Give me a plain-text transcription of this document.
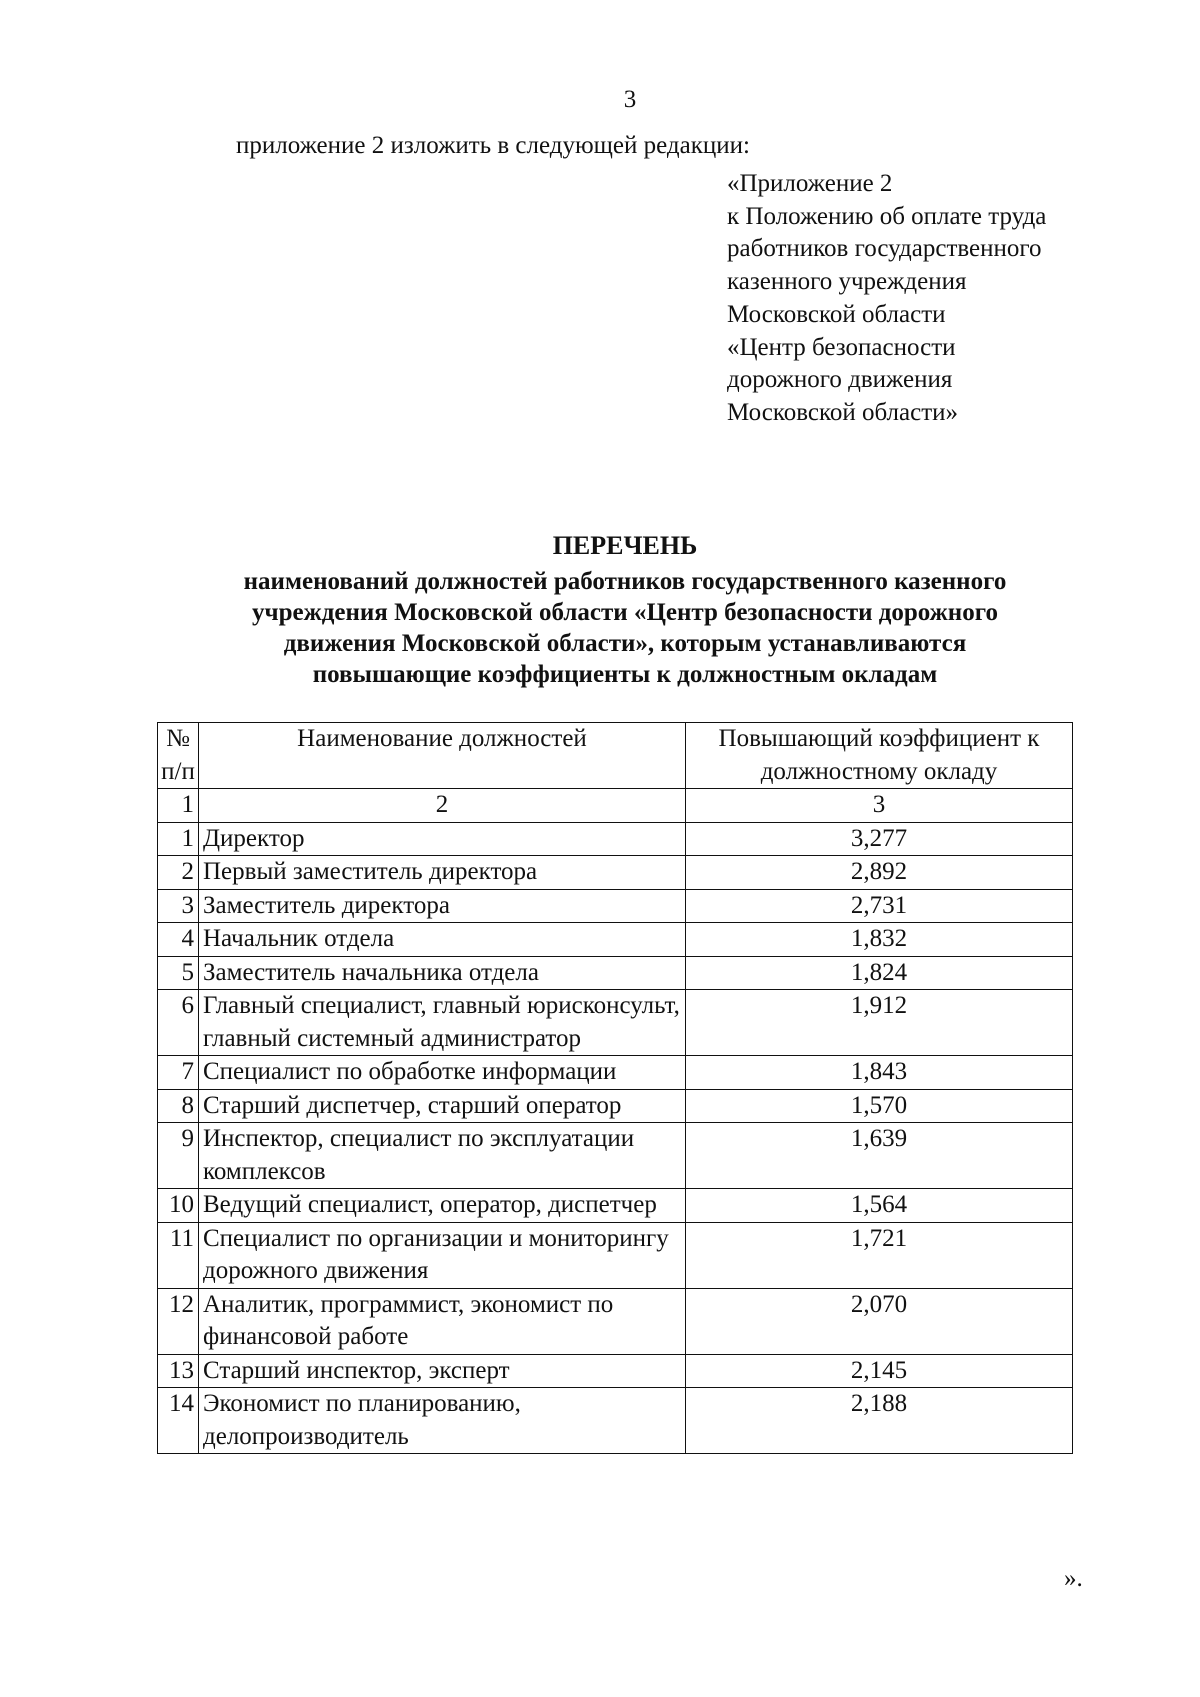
3
приложение 2 изложить в следующей редакции:
«Приложение 2
к Положению об оплате труда
работников государственного
казенного учреждения
Московской области
«Центр безопасности
дорожного движения
Московской области»
ПЕРЕЧЕНЬ
наименований должностей работников государственного казенного
учреждения Московской области «Центр безопасности дорожного
движения Московской области», которым устанавливаются
повышающие коэффициенты к должностным окладам
№ п/п	Наименование должностей	Повышающий коэффициент к должностному окладу
1	2	3
1	Директор	3,277
2	Первый заместитель директора	2,892
3	Заместитель директора	2,731
4	Начальник отдела	1,832
5	Заместитель начальника отдела	1,824
6	Главный специалист, главный юрисконсульт, главный системный администратор	1,912
7	Специалист по обработке информации	1,843
8	Старший диспетчер, старший оператор	1,570
9	Инспектор, специалист по эксплуатации комплексов	1,639
10	Ведущий специалист, оператор, диспетчер	1,564
11	Специалист по организации и мониторингу дорожного движения	1,721
12	Аналитик, программист, экономист по финансовой работе	2,070
13	Старший инспектор, эксперт	2,145
14	Экономист по планированию, делопроизводитель	2,188
».
